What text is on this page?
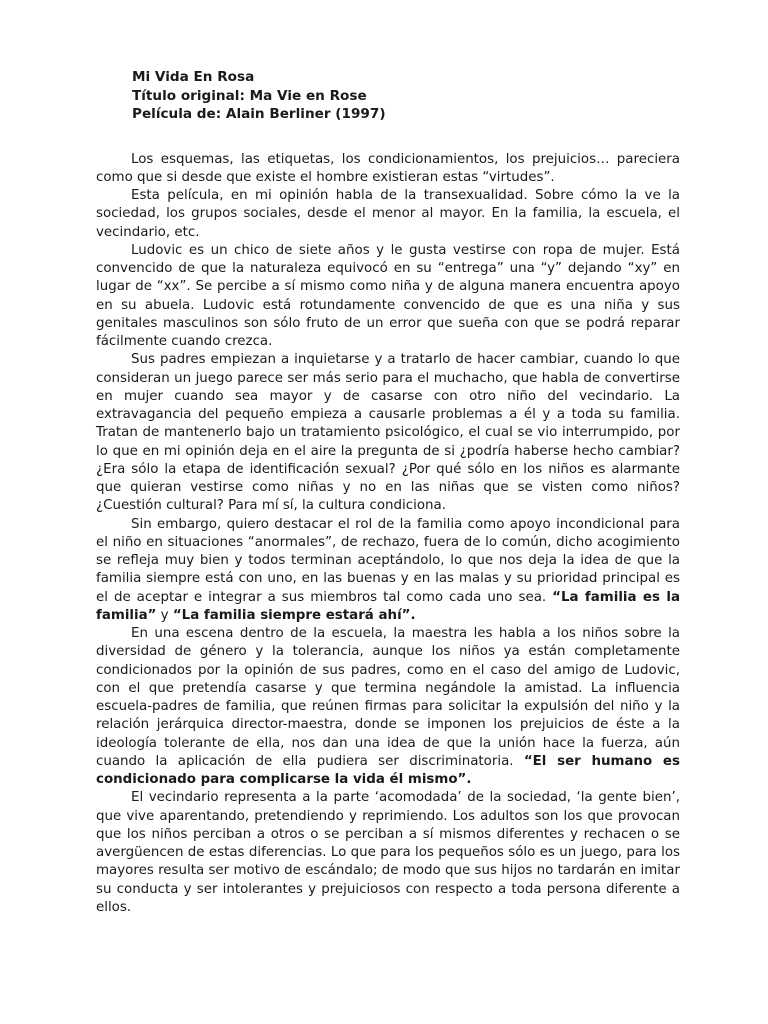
Mi Vida En Rosa
Título original: Ma Vie en Rose
Película de: Alain Berliner (1997)

Los esquemas, las etiquetas, los condicionamientos, los prejuicios… pareciera como que si desde que existe el hombre existieran estas “virtudes”.

Esta película, en mi opinión habla de la transexualidad. Sobre cómo la ve la sociedad, los grupos sociales, desde el menor al mayor. En la familia, la escuela, el vecindario, etc.

Ludovic es un chico de siete años y le gusta vestirse con ropa de mujer. Está convencido de que la naturaleza equivocó en su “entrega” una “y” dejando “xy” en lugar de “xx”. Se percibe a sí mismo como niña y de alguna manera encuentra apoyo en su abuela. Ludovic está rotundamente convencido de que es una niña y sus genitales masculinos son sólo fruto de un error que sueña con que se podrá reparar fácilmente cuando crezca.

Sus padres empiezan a inquietarse y a tratarlo de hacer cambiar, cuando lo que consideran un juego parece ser más serio para el muchacho, que habla de convertirse en mujer cuando sea mayor y de casarse con otro niño del vecindario. La extravagancia del pequeño empieza a causarle problemas a él y a toda su familia. Tratan de mantenerlo bajo un tratamiento psicológico, el cual se vio interrumpido, por lo que en mi opinión deja en el aire la pregunta de si ¿podría haberse hecho cambiar? ¿Era sólo la etapa de identificación sexual? ¿Por qué sólo en los niños es alarmante que quieran vestirse como niñas y no en las niñas que se visten como niños? ¿Cuestión cultural? Para mí sí, la cultura condiciona.

Sin embargo, quiero destacar el rol de la familia como apoyo incondicional para el niño en situaciones “anormales”, de rechazo, fuera de lo común, dicho acogimiento se refleja muy bien y todos terminan aceptándolo, lo que nos deja la idea de que la familia siempre está con uno, en las buenas y en las malas y su prioridad principal es el de aceptar e integrar a sus miembros tal como cada uno sea. “La familia es la familia” y “La familia siempre estará ahí”.

En una escena dentro de la escuela, la maestra les habla a los niños sobre la diversidad de género y la tolerancia, aunque los niños ya están completamente condicionados por la opinión de sus padres, como en el caso del amigo de Ludovic, con el que pretendía casarse y que termina negándole la amistad. La influencia escuela-padres de familia, que reúnen firmas para solicitar la expulsión del niño y la relación jerárquica director-maestra, donde se imponen los prejuicios de éste a la ideología tolerante de ella, nos dan una idea de que la unión hace la fuerza, aún cuando la aplicación de ella pudiera ser discriminatoria. “El ser humano es condicionado para complicarse la vida él mismo”.

El vecindario representa a la parte ‘acomodada’ de la sociedad, ‘la gente bien’, que vive aparentando, pretendiendo y reprimiendo. Los adultos son los que provocan que los niños perciban a otros o se perciban a sí mismos diferentes y rechacen o se avergüencen de estas diferencias. Lo que para los pequeños sólo es un juego, para los mayores resulta ser motivo de escándalo; de modo que sus hijos no tardarán en imitar su conducta y ser intolerantes y prejuiciosos con respecto a toda persona diferente a ellos.
